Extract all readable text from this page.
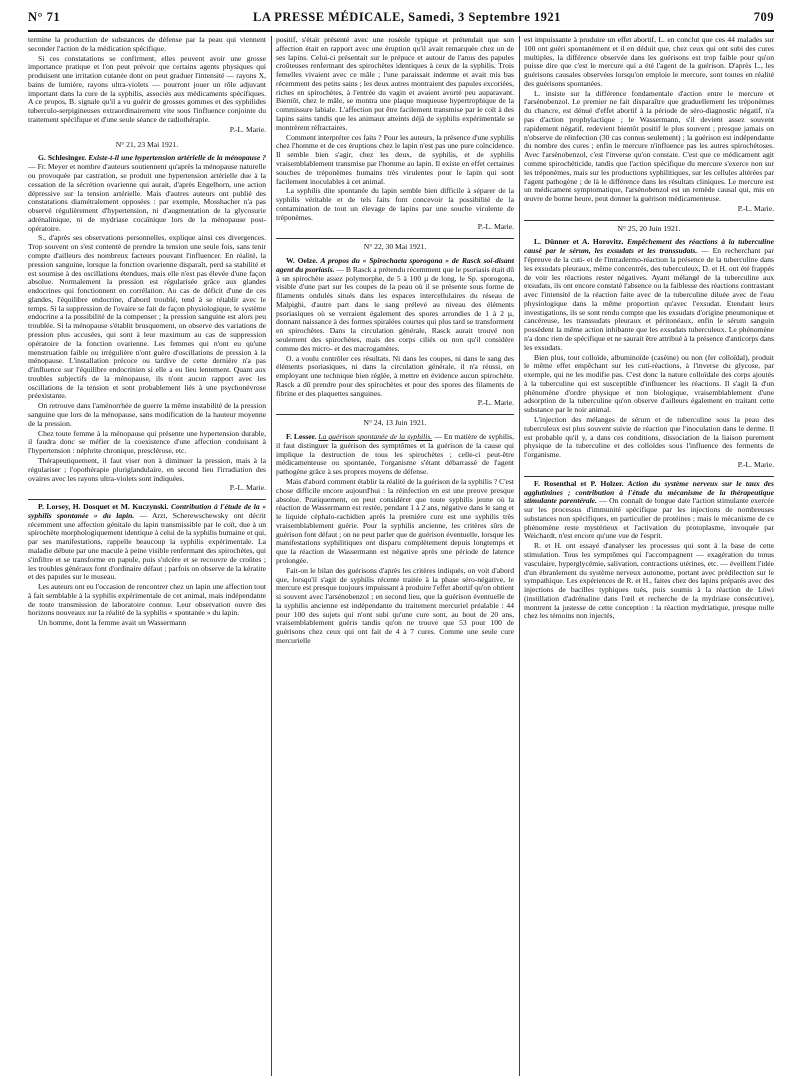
N° 71	LA PRESSE MÉDICALE, Samedi, 3 Septembre 1921	709

termine la production de substances de défense par la peau qui viennent seconder l'action de la médication spécifique.

Si ces constatations se confirment, elles peuvent avoir une grosse importance pratique et l'on peut prévoir que certains agents physiques qui produisent une irritation cutanée dont on peut graduer l'intensité — rayons X, bains de lumière, rayons ultra-violets — pourront jouer un rôle adjuvant important dans la cure de la syphilis, associés aux médicaments spécifiques. A ce propos, B. signale qu'il a vu guérir de grosses gommes et des syphilides tuberculo-serpigineuses extraordinairement vite sous l'influence conjointe du traitement spécifique et d'une seule séance de radiothérapie.

P.-L. Marie.

N° 21, 23 Mai 1921.

G. Schlesinger. Existe-t-il une hypertension artérielle de la ménopause ? — Fr. Meyer et nombre d'auteurs soutiennent qu'après la ménopause naturelle ou provoquée par castration, se produit une hypertension artérielle due à la cessation de la sécrétion ovarienne qui aurait, d'après Engelhorn, une action dépressive sur la tension artérielle. Mais d'autres auteurs ont publié des constatations diamétralement opposées : par exemple, Mosshacher n'a pas observé régulièrement d'hypertension, ni d'augmentation de la glycosurie adrénalinique, ni de mydriase cocaïnique lors de la ménopause post-opératoire.

S., d'après ses observations personnelles, explique ainsi ces divergences. Trop souvent on s'est contenté de prendre la tension une seule fois, sans tenir compte d'ailleurs des nombreux facteurs pouvant l'influencer. En réalité, la pression sanguine, lorsque la fonction ovarienne disparaît, perd sa stabilité et est soumise à des oscillations étendues, mais elle n'est pas élevée d'une façon absolue. Normalement la pression est régularisée grâce aux glandes endocrines qui fonctionnent en corrélation. Au cas de déficit d'une de ces glandes, l'équilibre endocrine, d'abord troublé, tend à se rétablir avec le temps. Si la suppression de l'ovaire se fait de façon physiologique, le système endocrine a la possibilité de la compenser ; la pression sanguine est alors peu troublée. Si la ménopause s'établit brusquement, on observe des variations de pression plus accusées, qui sont à leur maximum au cas de suppression opératoire de la fonction ovarienne. Les femmes qui n'ont eu qu'une menstruation faible ou irrégulière n'ont guère d'oscillations de pression à la ménopause. L'installation précoce ou tardive de cette dernière n'a pas d'influence sur l'équilibre endocrinien si elle a eu lieu lentement. Quant aux troubles subjectifs de la ménopause, ils n'ont aucun rapport avec les oscillations de la tension et sont probablement liés à une psychonévrose préexistante.

On retrouve dans l'aménorrhée de guerre la même instabilité de la pression sanguine que lors de la ménopause, sans modification de la hauteur moyenne de la pression.

Chez toute femme à la ménopause qui présente une hypertension durable, il faudra donc se méfier de la coexistence d'une affection conduisant à l'hypertension : néphrite chronique, presclérose, etc.

Thérapeutiquement, il faut viser non à diminuer la pression, mais à la régulariser ; l'opothérapie pluriglandulaire, en second lieu l'irradiation des ovaires avec les rayons ultra-violets sont indiquées.

P.-L. Marie.

P. Lorsey, H. Dosquet et M. Kuczynski. Contribution à l'étude de la « syphilis spontanée » du lapin. — Arzt, Scherewschewsky ont décrit récemment une affection génitale du lapin transmissible par le coït, due à un spirochète morphologiquement identique à celui de la syphilis humaine et qui, par ses manifestations, rappelle beaucoup la syphilis expérimentale. La maladie débute par une macule à peine visible renfermant des spirochètes, qui s'infiltre et se transforme en papule, puis s'ulcère et se recouvre de croûtes ; les troubles généraux font d'ordinaire défaut ; parfois on observe de la kératite et des papules sur le museau.

Les auteurs ont eu l'occasion de rencontrer chez un lapin une affection tout à fait semblable à la syphilis expérimentale de cet animal, mais indépendante de toute transmission de laboratoire connue. Leur observation ouvre des horizons nouveaux sur la réalité de la syphilis « spontanée » du lapin.

Un homme, dont la femme avait un Wassermann

positif, s'était présenté avec une roséole typique et prétendait que son affection était en rapport avec une éruption qu'il avait remarquée chez un de ses lapins. Celui-ci présentait sur le prépuce et autour de l'anus des papules croûteuses renfermant des spirochètes identiques à ceux de la syphilis. Trois femelles vivaient avec ce mâle ; l'une paraissait indemne et avait mis bas récemment des petits sains ; les deux autres montraient des papules excoriées, riches en spirochètes, à l'entrée du vagin et avaient avorté peu auparavant. Bientôt, chez le mâle, se montra une plaque muqueuse hypertrophique de la commissure labiale. L'affection put être facilement transmise par le coït à des lapins sains tandis que les animaux atteints déjà de syphilis expérimentale se montrèrent réfractaires.

Comment interpréter ces faits ? Pour les auteurs, la présence d'une syphilis chez l'homme et de ces éruptions chez le lapin n'est pas une pure coïncidence. Il semble bien s'agir, chez les deux, de syphilis, et de syphilis vraisemblablement transmise par l'homme au lapin. Il existe en effet certaines souches de tréponèmes humains très virulentes pour le lapin qui sont facilement inoculables à cet animal.

La syphilis dite spontanée du lapin semble bien difficile à séparer de la syphilis véritable et de tels faits font concevoir la possibilité de la contamination de tout un élevage de lapins par une souche virulente de tréponèmes.

P.-L. Marie.

N° 22, 30 Mai 1921.

W. Oelze. A propos du « Spirochaeta sporogona » de Rasck soi-disant agent du psoriasis. — B Rasck a prétendu récemment que le psoriasis était dû à un spirochète assez polymorphe, de 5 à 100 µ de long, le Sp. sporogona, visible d'une part sur les coupes de la peau où il se présente sous forme de filaments ondulés situés dans les espaces intercellulaires du réseau de Malpighi, d'autre part dans le sang prélevé au niveau des éléments psoriasiques où se verraient également des spores arrondies de 1 à 2 µ, donnant naissance à des formes spiralées courtes qui plus tard se transforment en spirochètes. Dans la circulation générale, Rasck aurait trouvé non seulement des spirochètes, mais des corps ciliés ou non qu'il considère comme des micro- et des macrogamètes.

O. a voulu contrôler ces résultats. Ni dans les coupes, ni dans le sang des éléments psoriasiques, ni dans la circulation générale, il n'a réussi, en employant une technique bien réglée, à mettre en évidence aucun spirochète. Rasck a dû prendre pour des spirochètes et pour des spores des filaments de fibrine et des plaquettes sanguines.

P.-L. Marie.

N° 24, 13 Juin 1921.

F. Lesser. La guérison spontanée de la syphilis. — En matière de syphilis, il faut distinguer la guérison des symptômes et la guérison de la cause qui implique la destruction de tous les spirochètes ; celle-ci peut-être médicamenteuse ou spontanée, l'organisme s'étant débarrassé de l'agent pathogène grâce à ses propres moyens de défense.

Mais d'abord comment établir la réalité de la guérison de la syphilis ? C'est chose difficile encore aujourd'hui : la réinfection en est une preuve presque absolue. Pratiquement, on peut considérer que toute syphilis jeune où la réaction de Wassermann est restée, pendant 1 à 2 ans, négative dans le sang et le liquide céphalo-rachidien après la première cure est une syphilis très vraisemblablement guérie. Pour la syphilis ancienne, les critères sûrs de guérison font défaut ; on ne peut parler que de guérison éventuelle, lorsque les manifestations syphilitiques ont disparu complètement depuis longtemps et que la réaction de Wassermann est négative après une période de latence prolongée.

Fait-on le bilan des guérisons d'après les critères indiqués, on voit d'abord que, lorsqu'il s'agit de syphilis récente traitée à la phase séro-négative, le mercure est presque toujours impuissant à produire l'effet abortif qu'on obtient si souvent avec l'arsénobenzol ; en second lieu, que la guérison éventuelle de la syphilis ancienne est indépendante du traitement mercuriel préalable : 44 pour 100 des sujets qui n'ont subi qu'une cure sont, au bout de 20 ans, vraisemblablement guéris tandis qu'on ne trouve que 53 pour 100 de guérisons chez ceux qui ont fait de 4 à 7 cures. Comme une seule cure mercurielle

est impuissante à produire un effet abortif, L. en conclut que ces 44 malades sur 100 ont guéri spontanément et il en déduit que, chez ceux qui ont subi des cures multiples, la différence observée dans les guérisons est trop faible pour qu'on puisse dire que c'est le mercure qui a été l'agent de la guérison. D'après L., les guérisons causales observées lorsqu'on emploie le mercure, sont toutes en réalité des guérisons spontanées.

L. insiste sur la différence fondamentale d'action entre le mercure et l'arsénobenzol. Le premier ne fait disparaître que graduellement les tréponèmes du chancre, est dénué d'effet abortif à la période de séro-diagnostic négatif, n'a pas d'action prophylactique ; le Wassermann, s'il devient assez souvent rapidement négatif, redevient bientôt positif le plus souvent ; presque jamais on n'observe de réinfection (30 cas connus seulement) ; la guérison est indépendante du nombre des cures ; enfin le mercure n'influence pas les autres spirochétoses. Avec l'arsénobenzol, c'est l'inverse qu'on constate. C'est que ce médicament agit comme spirochéticide, tandis que l'action spécifique du mercure s'exerce non sur les tréponèmes, mais sur les productions syphilitiques, sur les cellules altérées par l'agent pathogène ; de là le différence dans les résultats cliniques. Le mercure est un médicament symptomatique, l'arsénobenzol est un remède causal qui, mis en œuvre de bonne heure, peut donner la guérison médicamenteuse.

P.-L. Marie.

N° 25, 20 Juin 1921.

L. Dünner et A. Horovitz. Empêchement des réactions à la tuberculine causé par le sérum, les exsudats et les transsudats. — En recherchant par l'épreuve de la cuti- et de l'intradermo-réaction la présence de la tuberculine dans les exsudats pleuraux, même concentrés, des tuberculeux, D. et H. ont été frappés de voir les réactions rester négatives. Ayant mélangé de la tuberculine aux exsudats, ils ont encore constaté l'absence ou la faiblesse des réactions contrastant avec l'intensité de la réaction faite avec de la tuberculine diluée avec de l'eau physiologique dans la même proportion qu'avec l'exsudat. Etendant leurs investigations, ils se sont rendu compte que les exsudats d'origine pneumonique et cancéreuse, les transsudats pleuraux et péritonéaux, enfin le sérum sanguin possèdent la même action inhibante que les exsudats tuberculeux. Le phénomène n'a donc rien de spécifique et ne saurait être attribué à la présence d'anticorps dans les exsudats.

Bien plus, tout colloïde, albuminoïde (caséine) ou non (fer colloïdal), produit le même effet empêchant sur les cuti-réactions, à l'inverse du glycose, par exemple, qui ne les modifie pas. C'est donc la nature colloïdale des corps ajoutés à la tuberculine qui est susceptible d'influencer les réactions. Il s'agit là d'un phénomène d'ordre physique et non biologique, vraisemblablement d'une adsorption de la tuberculine qu'on observe d'ailleurs également en traitant cette substance par le noir animal.

L'injection des mélanges de sérum et de tuberculine sous la peau des tuberculeux est plus souvent suivie de réaction que l'inoculation dans le derme. Il est probable qu'il y, a dans ces conditions, dissociation de la liaison purement physique de la tuberculine et des colloïdes sous l'influence des ferments de l'organisme.

P.-L. Marie.

F. Rosenthal et P. Holzer. Action du système nerveux sur le taux des agglutinines ; contribution à l'étude du mécanisme de la thérapeutique stimulante parentérale. — On connaît de longue date l'action stimulante exercée sur les processus d'immunité spécifique par les injections de nombreuses substances non spécifiques, en particulier de protéines ; mais le mécanisme de ce phénomène reste mystérieux et l'activation du protoplasme, invoquée par Weichardt, n'est encore qu'une vue de l'esprit.

R. et H. ont essayé d'analyser les processus qui sont à la base de cette stimulation. Tous les symptômes qui l'accompagnent — exagération du tonus vasculaire, hyperglycémie, salivation, contractions utérines, etc. — éveillent l'idée d'un ébranlement du système nerveux autonome, portant avec prédilection sur le sympathique. Les expériences de R. et H., faites chez des lapins préparés avec des injections de bacilles typhiques tués, puis soumis à la réaction de Löwi (instillation d'adrénaline dans l'œil et recherche de la mydriase consécutive), montrent la justesse de cette conception : la réaction mydriatique, presque nulle chez les témoins non injectés,
